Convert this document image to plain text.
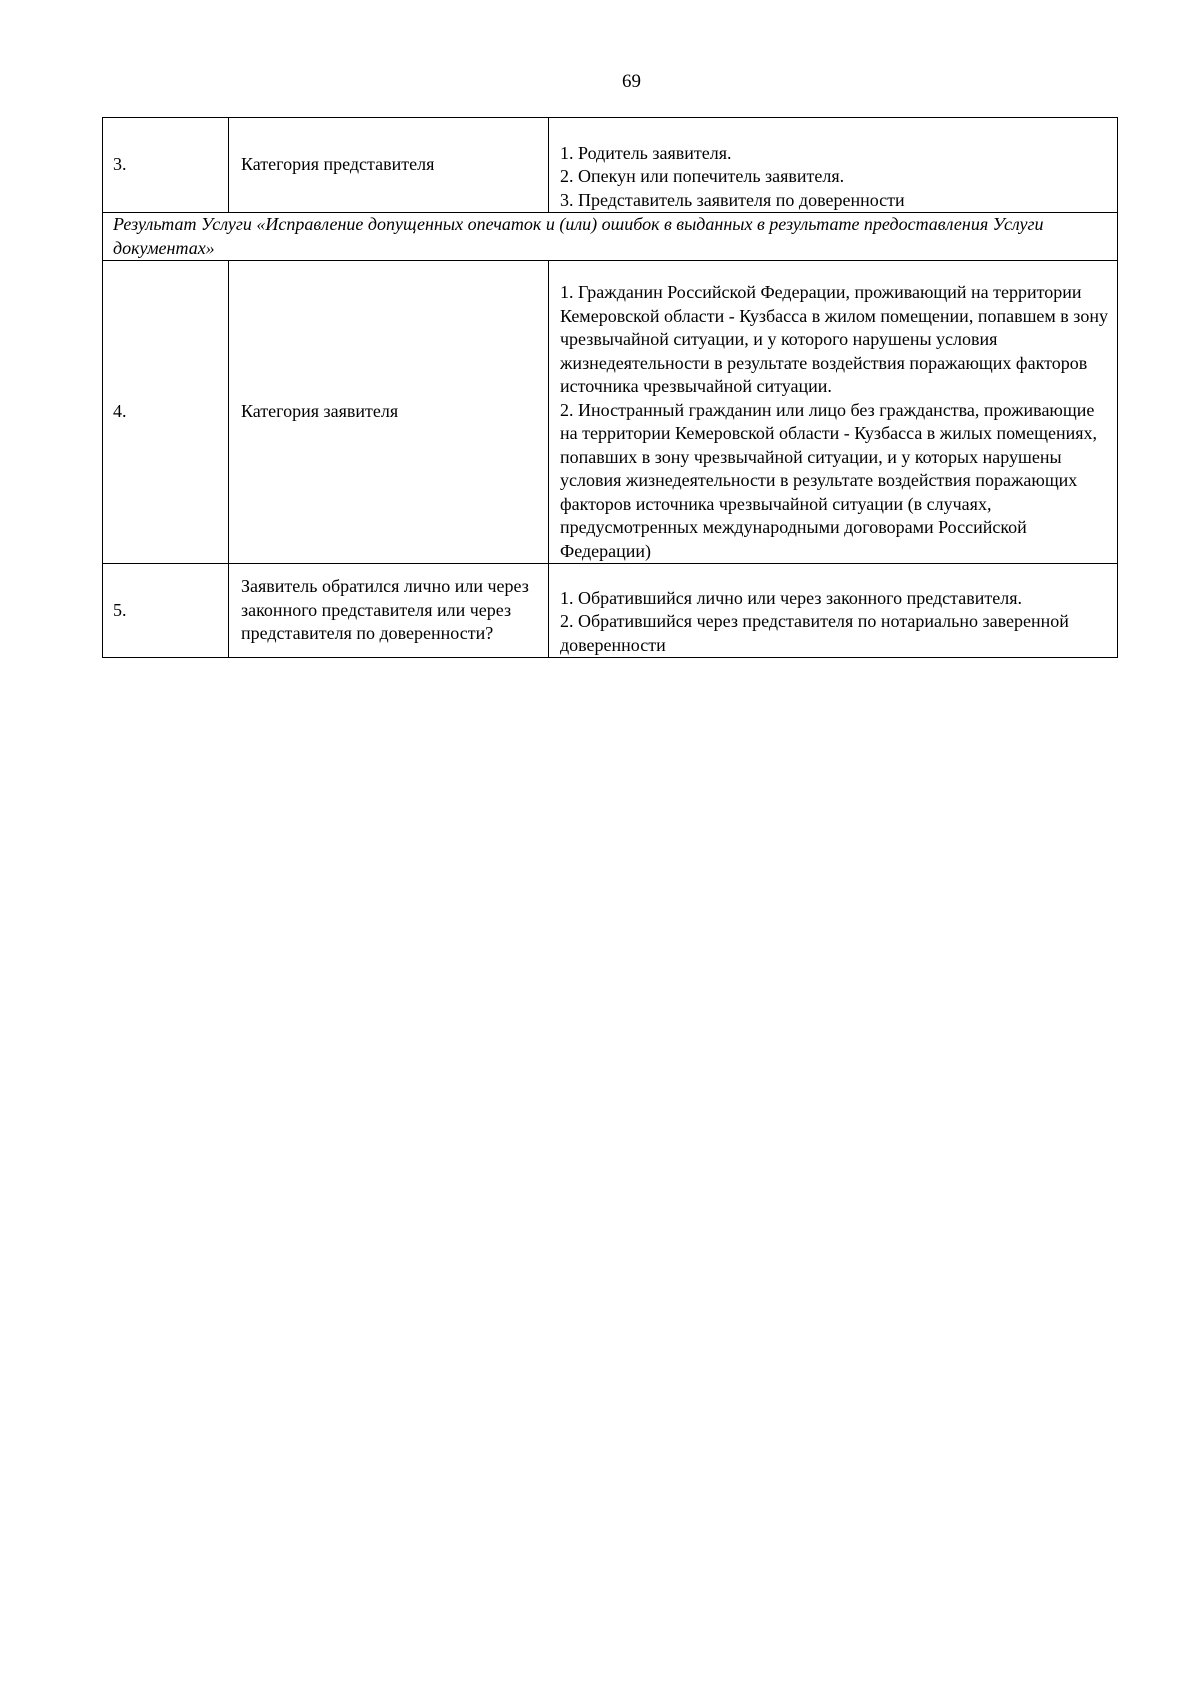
69
3.	Категория представителя	1. Родитель заявителя.
2. Опекун или попечитель заявителя.
3. Представитель заявителя по доверенности

Результат Услуги «Исправление допущенных опечаток и (или) ошибок в выданных в результате предоставления Услуги документах»		
4.	Категория заявителя	1. Гражданин Российской Федерации, проживающий на территории Кемеровской области - Кузбасса в жилом помещении, попавшем в зону чрезвычайной ситуации, и у которого нарушены условия жизнедеятельности в результате воздействия поражающих факторов источника чрезвычайной ситуации.
2. Иностранный гражданин или лицо без гражданства, проживающие на территории Кемеровской области - Кузбасса в жилых помещениях, попавших в зону чрезвычайной ситуации, и у которых нарушены условия жизнедеятельности в результате воздействия поражающих факторов источника чрезвычайной ситуации (в случаях, предусмотренных международными договорами Российской Федерации)

5.	Заявитель обратился лично или через законного представителя или через представителя по доверенности?	1. Обратившийся лично или через законного представителя.
2. Обратившийся через представителя по нотариально заверенной доверенности
